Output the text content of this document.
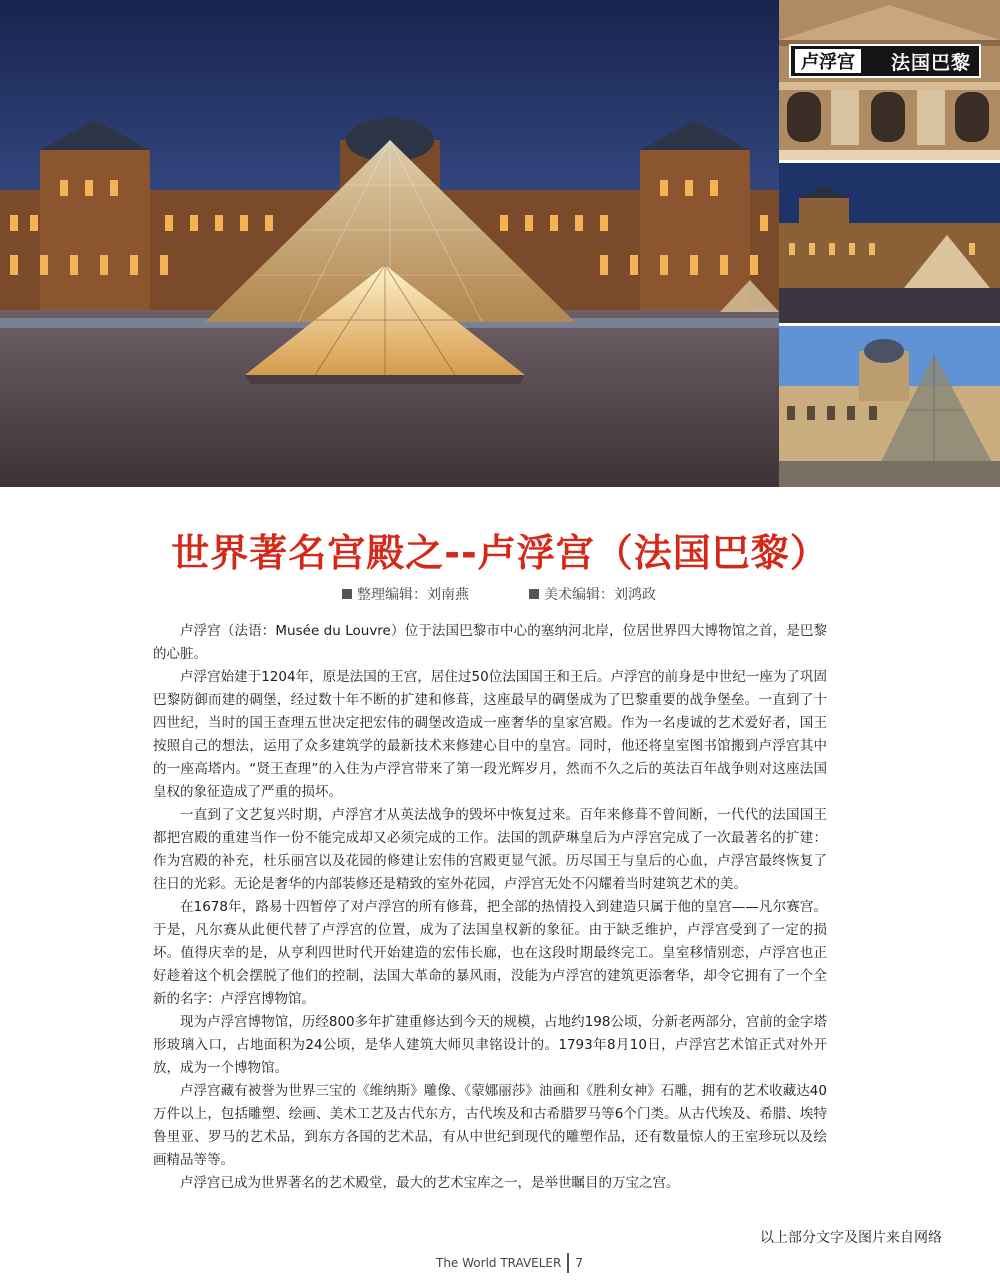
卢浮宫	法国巴黎
世界著名宫殿之--卢浮宫（法国巴黎）
整理编辑：刘南燕	美术编辑：刘鸿政

卢浮宫（法语：Musée du Louvre）位于法国巴黎市中心的塞纳河北岸，位居世界四大博物馆之首，是巴黎的心脏。

卢浮宫始建于1204年，原是法国的王宫，居住过50位法国国王和王后。卢浮宫的前身是中世纪一座为了巩固巴黎防御而建的碉堡，经过数十年不断的扩建和修葺，这座最早的碉堡成为了巴黎重要的战争堡垒。一直到了十四世纪，当时的国王查理五世决定把宏伟的碉堡改造成一座奢华的皇家宫殿。作为一名虔诚的艺术爱好者，国王按照自己的想法，运用了众多建筑学的最新技术来修建心目中的皇宫。同时，他还将皇室图书馆搬到卢浮宫其中的一座高塔内。“贤王查理”的入住为卢浮宫带来了第一段光辉岁月，然而不久之后的英法百年战争则对这座法国皇权的象征造成了严重的损坏。

一直到了文艺复兴时期，卢浮宫才从英法战争的毁坏中恢复过来。百年来修葺不曾间断，一代代的法国国王都把宫殿的重建当作一份不能完成却又必须完成的工作。法国的凯萨琳皇后为卢浮宫完成了一次最著名的扩建：作为宫殿的补充，杜乐丽宫以及花园的修建让宏伟的宫殿更显气派。历尽国王与皇后的心血，卢浮宫最终恢复了往日的光彩。无论是奢华的内部装修还是精致的室外花园，卢浮宫无处不闪耀着当时建筑艺术的美。

在1678年，路易十四暂停了对卢浮宫的所有修葺，把全部的热情投入到建造只属于他的皇宫——凡尔赛宫。于是，凡尔赛从此便代替了卢浮宫的位置，成为了法国皇权新的象征。由于缺乏维护，卢浮宫受到了一定的损坏。值得庆幸的是，从亨利四世时代开始建造的宏伟长廊，也在这段时期最终完工。皇室移情别恋，卢浮宫也正好趁着这个机会摆脱了他们的控制，法国大革命的暴风雨，没能为卢浮宫的建筑更添奢华，却令它拥有了一个全新的名字：卢浮宫博物馆。

现为卢浮宫博物馆，历经800多年扩建重修达到今天的规模，占地约198公顷，分新老两部分，宫前的金字塔形玻璃入口，占地面积为24公顷，是华人建筑大师贝聿铭设计的。1793年8月10日，卢浮宫艺术馆正式对外开放，成为一个博物馆。

卢浮宫藏有被誉为世界三宝的《维纳斯》雕像、《蒙娜丽莎》油画和《胜利女神》石雕，拥有的艺术收藏达40万件以上，包括雕塑、绘画、美术工艺及古代东方，古代埃及和古希腊罗马等6个门类。从古代埃及、希腊、埃特鲁里亚、罗马的艺术品，到东方各国的艺术品，有从中世纪到现代的雕塑作品，还有数量惊人的王室珍玩以及绘画精品等等。

卢浮宫已成为世界著名的艺术殿堂，最大的艺术宝库之一，是举世瞩目的万宝之宫。

以上部分文字及图片来自网络
The World TRAVELER 7
